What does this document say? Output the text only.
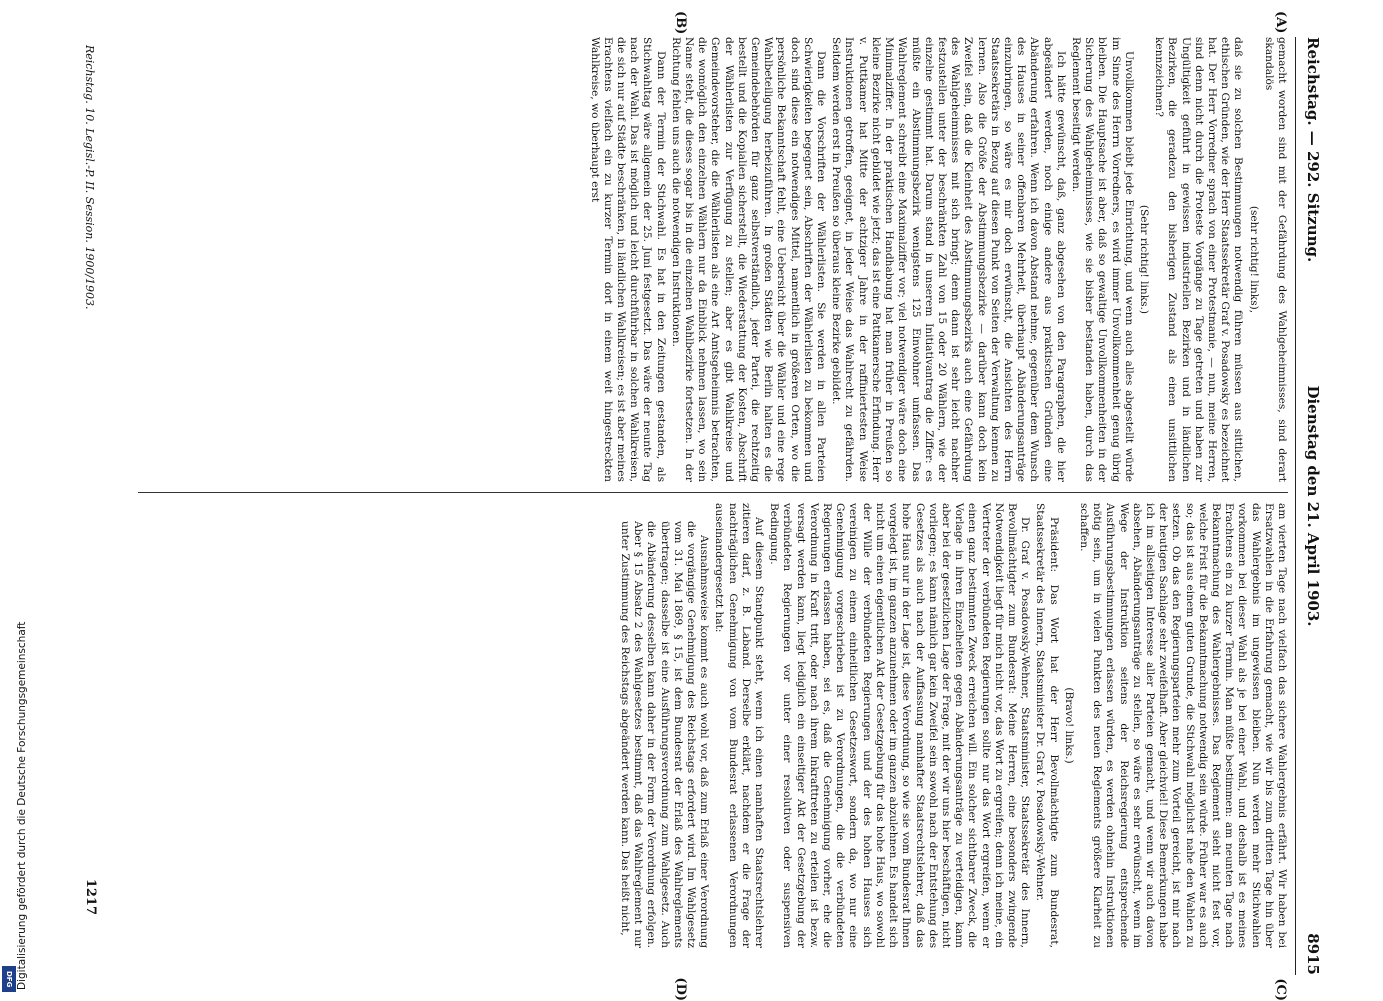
Digitalisierung gefördert durch die Deutsche Forschungsgemeinschaft
DFG
Reichstag. — 292. Sitzung.
Dienstag den 21. April 1903.
8915
(A)
(B)
(C)
(D)

gemacht worden sind mit der Gefährdung des Wahlgeheimnisses, sind derart skandalös

(sehr richtig! links),

daß sie zu solchen Bestimmungen notwendig führen müssen aus sittlichen, ethischen Gründen, wie der Herr Staatssekretär Graf v. Posadowsky es bezeichnet hat. Der Herr Vorredner sprach von einer Protestmanie, — nun, meine Herren, sind denn nicht durch die Proteste Vorgänge zu Tage getreten und haben zur Ungültigkeit geführt in gewissen industriellen Bezirken und in ländlichen Bezirken, die geradezu den bisherigen Zustand als einen unsittlichen kennzeichnen?

(Sehr richtig! links.)

Unvollkommen bleibt jede Einrichtung, und wenn auch alles abgestellt würde im Sinne des Herrn Vorredners, es wird immer Unvollkommenheit genug übrig bleiben. Die Hauptsache ist aber, daß so gewaltige Unvollkommenheiten in der Sicherung des Wahlgeheimnisses, wie sie bisher bestanden haben, durch das Reglement beseitigt werden.

Ich hätte gewünscht, daß, ganz abgesehen von den Paragraphen, die hier abgeändert werden, noch einige andere aus praktischen Gründen eine Abänderung erfahren. Wenn ich davon Abstand nehme, gegenüber dem Wunsch des Hauses in seiner offenbaren Mehrheit, überhaupt Abänderungsanträge einzubringen, so wäre es mir doch erwünscht, die Ansichten des Herrn Staatssekretärs in Bezug auf diesen Punkt von Seiten der Verwaltung kennen zu lernen. Also die Größe der Abstimmungsbezirke — darüber kann doch kein Zweifel sein, daß die Kleinheit des Abstimmungsbezirks auch eine Gefährdung des Wahlgeheimnisses mit sich bringt; denn dann ist sehr leicht nachher festzustellen unter der beschränkten Zahl von 15 oder 20 Wählern, wie der einzelne gestimmt hat. Darum stand in unserem Initiativantrag die Ziffer: es müßte ein Abstimmungsbezirk wenigstens 125 Einwohner umfassen. Das Wahlreglement schreibt eine Maximalziffer vor; viel notwendiger wäre doch eine Minimalziffer. In der praktischen Handhabung hat man früher in Preußen so kleine Bezirke nicht gebildet wie jetzt; das ist eine Pattkamersche Erfindung. Herr v. Puttkamer hat Mitte der achtziger Jahre in der raffiniertesten Weise Instruktionen getroffen, geeignet, in jeder Weise das Wahlrecht zu gefährden. Seitdem werden erst in Preußen so überaus kleine Bezirke gebildet.

Dann die Vorschriften der Wählerlisten. Sie werden in allen Parteien Schwierigkeiten begegnet sein, Abschriften der Wählerlisten zu bekommen und doch sind diese ein notwendiges Mittel, namentlich in größeren Orten, wo die persönliche Bekanntschaft fehlt, eine Uebersicht über die Wähler und eine rege Wahlbeteiligung herbeizuführen. In großen Städten wie Berlin halten es die Gemeindebehörden für ganz selbstverständlich, jeder Partei, die rechtzeitig bestellt und die Kopialien sicherstellt, die Wiederstattung der Kosten, Abschrift der Wählerlisten zur Verfügung zu stellen; aber es gibt Wahlkreise und Gemeindevorsteher, die die Wählerlisten als eine Art Amtsgeheimnis betrachten, die womöglich den einzelnen Wählern nur da Einblick nehmen lassen, wo sein Name steht, die dieses sogar bis in die einzelnen Wahlbezirke fortsetzen. In der Richtung fehlen uns auch die notwendigen Instruktionen.

Dann der Termin der Stichwahl. Es hat in den Zeitungen gestanden, als Stichwahltag wäre allgemein der 25. Juni festgesetzt. Das wäre der neunte Tag nach der Wahl. Das ist möglich und leicht durchführbar in solchen Wahlkreisen, die sich nur auf Städte beschränken, in ländlichen Wahlkreisen; es ist aber meines Erachtens vielfach ein zu kurzer Termin dort in einem weit hingestreckten Wahlkreise, wo überhaupt erst

am vierten Tage nach vielfach das sichere Wahlergebnis erfährt. Wir haben bei Ersatzwahlen in die Erfahrung gemacht, wie wir bis zum dritten Tage hin über das Wahlergebnis im ungewissen bleiben. Nun werden mehr Stichwahlen vorkommen bei dieser Wahl als je bei einer Wahl, und deshalb ist es meines Erachtens ein zu kurzer Termin. Man müßte bestimmen: am neunten Tage nach Bekanntmachung des Wahlergebnisses. Das Reglement sieht nicht fest vor, welche Frist für die Bekanntmachung notwendig sein würde. Früher war es auch so; das ist aus einem guten Grunde, die Stichwahl möglichst nahe den Wahlen zu setzen. Ob das den Regierungsparteien mehr zum Vorteil gereicht, ist mir nach der heutigen Sachlage sehr zweifelhaft. Aber gleichviel! Diese Bemerkungen habe ich im allseitigen Interesse aller Parteien gemacht, und wenn wir auch davon absehen, Abänderungsanträge zu stellen, so wäre es sehr erwünscht, wenn im Wege der Instruktion seitens der Reichsregierung entsprechende Ausführungsbestimmungen erlassen würden, es werden ohnehin Instruktionen nötig sein, um in vielen Punkten des neuen Reglements größere Klarheit zu schaffen.

(Bravo! links.)

Präsident: Das Wort hat der Herr Bevollmächtigte zum Bundesrat, Staatssekretär des Innern, Staatsminister Dr. Graf v. Posadowsky-Wehner.

Dr. Graf v. Posadowsky-Wehner, Staatsminister, Staatssekretär des Innern, Bevollmächtigter zum Bundesrat: Meine Herren, eine besonders zwingende Notwendigkeit liegt für mich nicht vor, das Wort zu ergreifen; denn ich meine, ein Vertreter der verbündeten Regierungen sollte nur das Wort ergreifen, wenn er einen ganz bestimmten Zweck erreichen will. Ein solcher sichtbarer Zweck, die Vorlage in ihren Einzelheiten gegen Abänderungsanträge zu verteidigen, kann aber bei der gesetzlichen Lage der Frage, mit der wir uns hier beschäftigen, nicht vorliegen; es kann nämlich gar kein Zweifel sein sowohl nach der Entstehung des Gesetzes als auch nach der Auffassung namhafter Staatsrechtslehrer, daß das hohe Haus nur in der Lage ist, diese Verordnung, so wie sie vom Bundesrat Ihnen vorgelegt ist, im ganzen anzunehmen oder im ganzen abzulehnen. Es handelt sich nicht um einen eigentlichen Akt der Gesetzgebung für das hohe Haus, wo sowohl der Wille der verbündeten Regierungen und der des hohen Hauses sich vereinigen zu einem einheitlichen Gesetzeswort, sondern da, wo nur eine Genehmigung vorgeschrieben ist zu Verordnungen, die die verbündeten Regierungen erlassen haben, sei es, daß die Genehmigung vorher, ehe die Verordnung in Kraft tritt, oder nach ihrem Inkrafttreten zu erteilen ist bezw. versagt werden kann, liegt lediglich ein einseitiger Akt der Gesetzgebung der verbündeten Regierungen vor unter einer resolutiven oder suspensiven Bedingung.

Auf diesem Standpunkt steht, wenn ich einen namhaften Staatsrechtslehrer zitieren darf, z. B. Laband. Derselbe erklärt, nachdem er die Frage der nachträglichen Genehmigung von vom Bundesrat erlassenen Verordnungen auseinandergesetzt hat:

Ausnahmsweise kommt es auch wohl vor, daß zum Erlaß einer Verordnung die vorgängige Genehmigung des Reichstags erfordert wird. Im Wahlgesetz vom 31. Mai 1869, § 15, ist dem Bundesrat der Erlaß des Wahlreglements übertragen; dasselbe ist eine Ausführungsverordnung zum Wahlgesetz. Auch die Abänderung desselben kann daher in der Form der Verordnung erfolgen. Aber § 15 Absatz 2 des Wahlgesetzes bestimmt, daß das Wahlreglement nur unter Zustimmung des Reichstags abgeändert werden kann. Das heißt nicht,

Reichstag. 10. Legisl.-P. II. Session. 1900/1903.
1217
